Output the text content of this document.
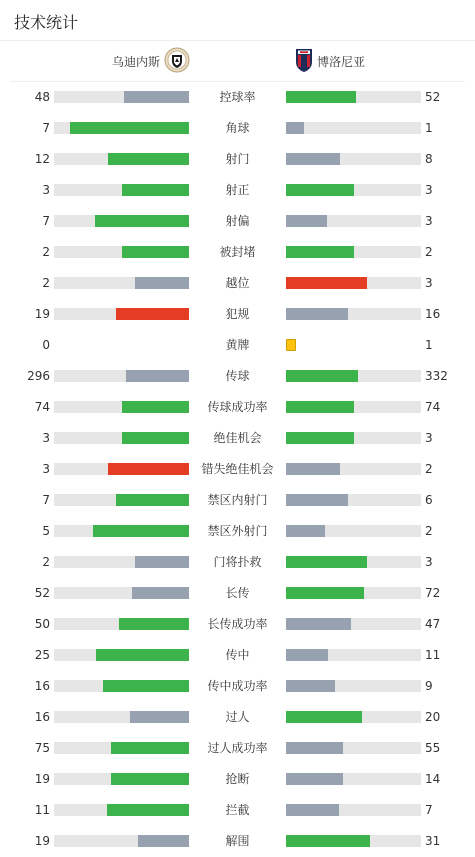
技术统计
乌迪内斯	博洛尼亚
48	控球率	52
7	角球	1
12	射门	8
3	射正	3
7	射偏	3
2	被封堵	2
2	越位	3
19	犯规	16
0	黄牌	1
296	传球	332
74	传球成功率	74
3	绝佳机会	3
3	错失绝佳机会	2
7	禁区内射门	6
5	禁区外射门	2
2	门将扑救	3
52	长传	72
50	长传成功率	47
25	传中	11
16	传中成功率	9
16	过人	20
75	过人成功率	55
19	抢断	14
11	拦截	7
19	解围	31
